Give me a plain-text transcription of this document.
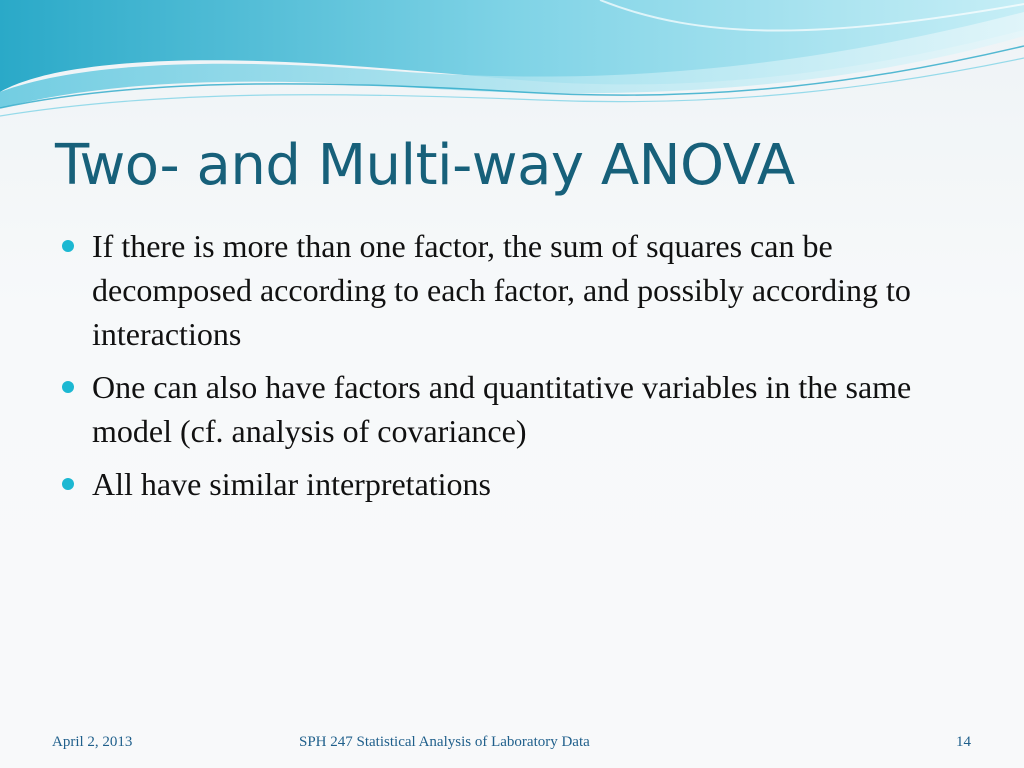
Two- and Multi-way ANOVA
If there is more than one factor, the sum of squares can be decomposed according to each factor, and possibly according to interactions
One can also have factors and quantitative variables in the same model (cf. analysis of covariance)
All have similar interpretations
April 2, 2013	SPH 247 Statistical Analysis of Laboratory Data	14
